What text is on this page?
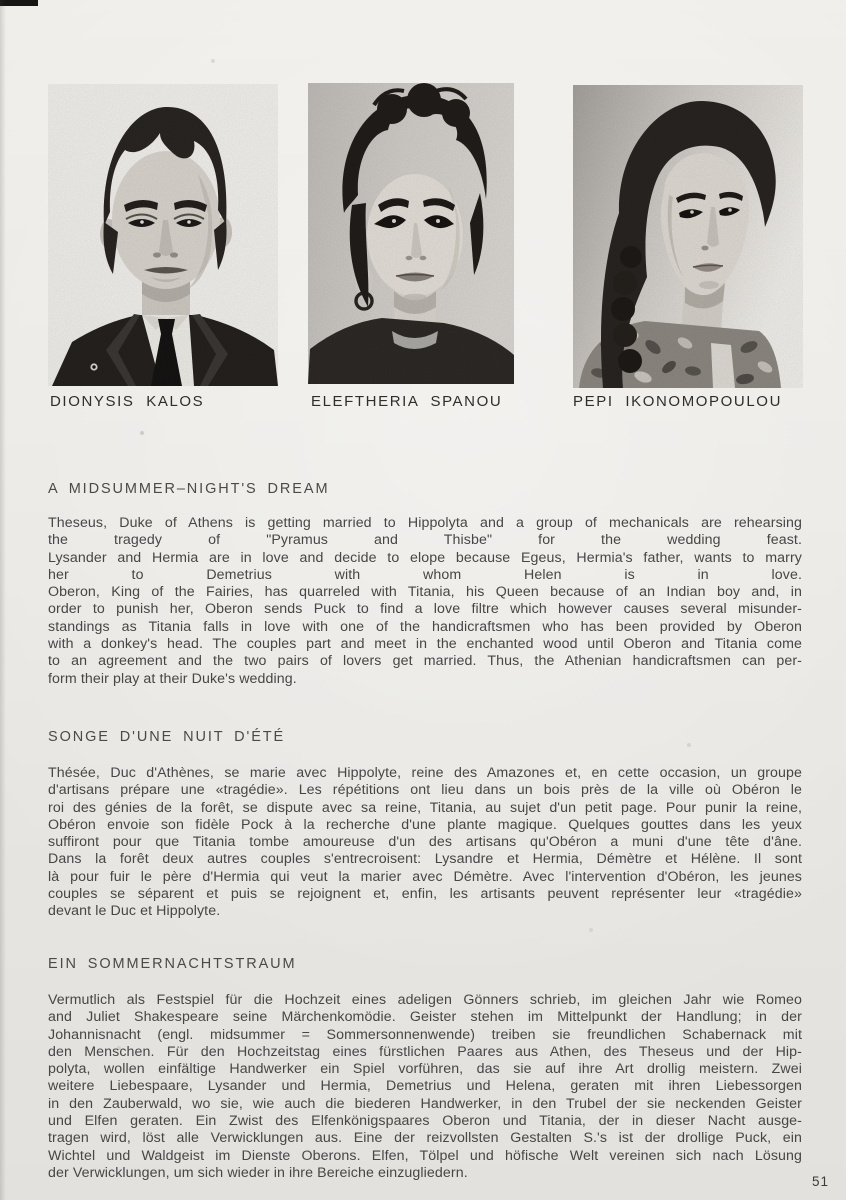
DIONYSIS KALOS	ELEFTHERIA SPANOU	PEPI IKONOMOPOULOU
A MIDSUMMER–NIGHT'S DREAM
Theseus, Duke of Athens is getting married to Hippolyta and a group of mechanicals are rehearsing
the tragedy of "Pyramus and Thisbe" for the wedding feast.
Lysander and Hermia are in love and decide to elope because Egeus, Hermia's father, wants to marry
her to Demetrius with whom Helen is in love.
Oberon, King of the Fairies, has quarreled with Titania, his Queen because of an Indian boy and, in
order to punish her, Oberon sends Puck to find a love filtre which however causes several misunder-
standings as Titania falls in love with one of the handicraftsmen who has been provided by Oberon
with a donkey's head. The couples part and meet in the enchanted wood until Oberon and Titania come
to an agreement and the two pairs of lovers get married. Thus, the Athenian handicraftsmen can per-
form their play at their Duke's wedding.
SONGE D'UNE NUIT D'ÉTÉ
Thésée, Duc d'Athènes, se marie avec Hippolyte, reine des Amazones et, en cette occasion, un groupe
d'artisans prépare une «tragédie». Les répétitions ont lieu dans un bois près de la ville où Obéron le
roi des génies de la forêt, se dispute avec sa reine, Titania, au sujet d'un petit page. Pour punir la reine,
Obéron envoie son fidèle Pock à la recherche d'une plante magique. Quelques gouttes dans les yeux
suffiront pour que Titania tombe amoureuse d'un des artisans qu'Obéron a muni d'une tête d'âne.
Dans la forêt deux autres couples s'entrecroisent: Lysandre et Hermia, Démètre et Hélène. Il sont
là pour fuir le père d'Hermia qui veut la marier avec Démètre. Avec l'intervention d'Obéron, les jeunes
couples se séparent et puis se rejoignent et, enfin, les artisants peuvent représenter leur «tragédie»
devant le Duc et Hippolyte.
EIN SOMMERNACHTSTRAUM
Vermutlich als Festspiel für die Hochzeit eines adeligen Gönners schrieb, im gleichen Jahr wie Romeo
and Juliet Shakespeare seine Märchenkomödie. Geister stehen im Mittelpunkt der Handlung; in der
Johannisnacht (engl. midsummer = Sommersonnenwende) treiben sie freundlichen Schabernack mit
den Menschen. Für den Hochzeitstag eines fürstlichen Paares aus Athen, des Theseus und der Hip-
polyta, wollen einfältige Handwerker ein Spiel vorführen, das sie auf ihre Art drollig meistern. Zwei
weitere Liebespaare, Lysander und Hermia, Demetrius und Helena, geraten mit ihren Liebessorgen
in den Zauberwald, wo sie, wie auch die biederen Handwerker, in den Trubel der sie neckenden Geister
und Elfen geraten. Ein Zwist des Elfenkönigspaares Oberon und Titania, der in dieser Nacht ausge-
tragen wird, löst alle Verwicklungen aus. Eine der reizvollsten Gestalten S.'s ist der drollige Puck, ein
Wichtel und Waldgeist im Dienste Oberons. Elfen, Tölpel und höfische Welt vereinen sich nach Lösung
der Verwicklungen, um sich wieder in ihre Bereiche einzugliedern.
51
